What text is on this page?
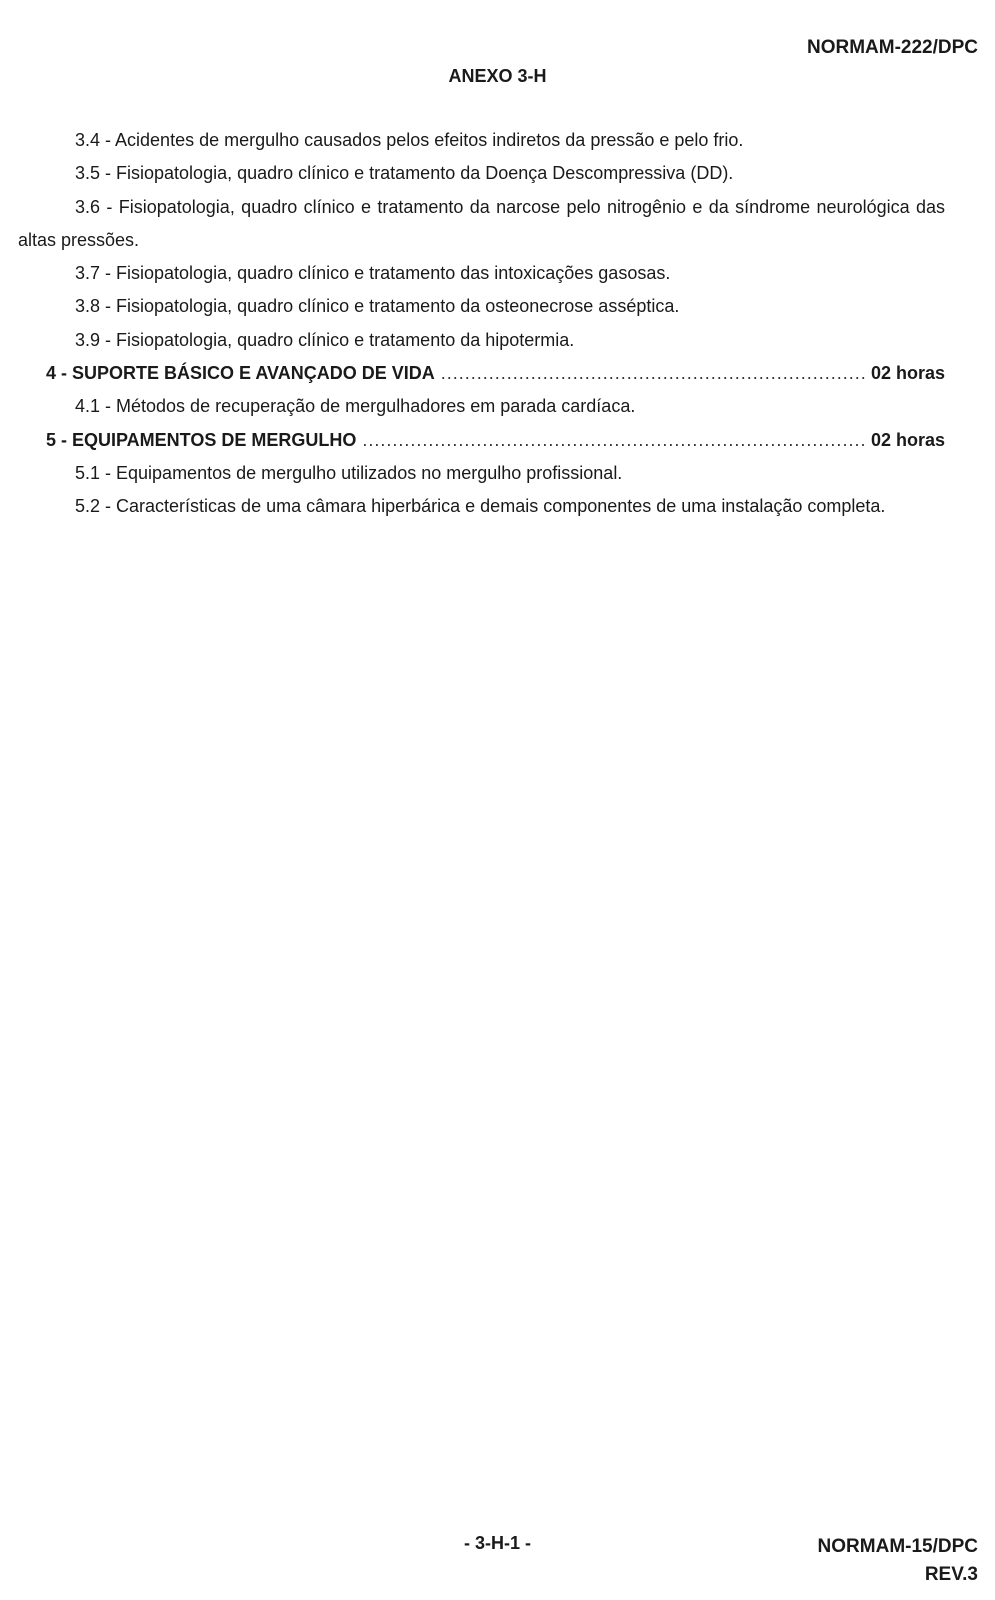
NORMAM-222/DPC
ANEXO 3-H

3.4 - Acidentes de mergulho causados pelos efeitos indiretos da pressão e pelo frio.

3.5 - Fisiopatologia, quadro clínico e tratamento da Doença Descompressiva (DD).

3.6 - Fisiopatologia, quadro clínico e tratamento da narcose pelo nitrogênio e da síndrome neurológica das altas pressões.

3.7 - Fisiopatologia, quadro clínico e tratamento das intoxicações gasosas.

3.8 - Fisiopatologia, quadro clínico e tratamento da osteonecrose asséptica.

3.9 - Fisiopatologia, quadro clínico e tratamento da hipotermia.

4 - SUPORTE BÁSICO E AVANÇADO DE VIDA .....	02 horas

4.1 - Métodos de recuperação de mergulhadores em parada cardíaca.

5 - EQUIPAMENTOS DE MERGULHO .....	02 horas

5.1 - Equipamentos de mergulho utilizados no mergulho profissional.

5.2 - Características de uma câmara hiperbárica e demais componentes de uma instalação completa.

- 3-H-1 -	NORMAM-15/DPC
REV.3
